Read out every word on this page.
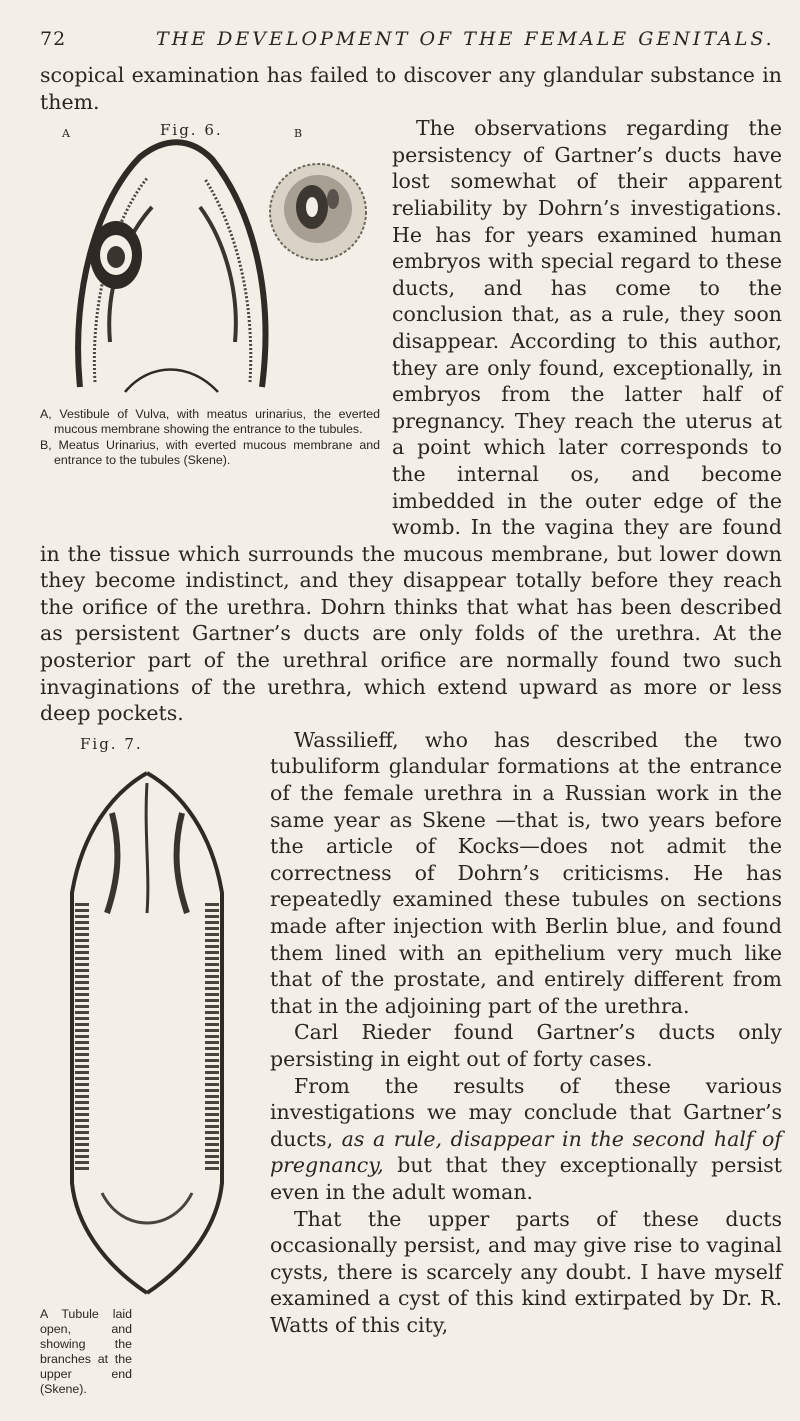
72	THE DEVELOPMENT OF THE FEMALE GENITALS.

scopical examination has failed to discover any glandular substance in them.

Fig. 6.
A	B
A, Vestibule of Vulva, with meatus urinarius, the everted mucous membrane showing the entrance to the tubules.
B, Meatus Urinarius, with everted mucous membrane and entrance to the tubules (Skene).

The observations regarding the persistency of Gartner’s ducts have lost somewhat of their apparent reliability by Dohrn’s investigations. He has for years examined human embryos with special regard to these ducts, and has come to the conclusion that, as a rule, they soon disappear. According to this author, they are only found, exceptionally, in embryos from the latter half of pregnancy. They reach the uterus at a point which later corresponds to the internal os, and become imbedded in the outer edge of the womb. In the vagina they are found in the tissue which surrounds the mucous membrane, but lower down they become indistinct, and they disappear totally before they reach the orifice of the urethra. Dohrn thinks that what has been described as persistent Gartner’s ducts are only folds of the urethra. At the posterior part of the urethral orifice are normally found two such invaginations of the urethra, which extend upward as more or less deep pockets.

Fig. 7.
A Tubule laid open, and showing the branches at the upper end (Skene).

Wassilieff, who has described the two tubuliform glandular formations at the entrance of the female urethra in a Russian work in the same year as Skene —that is, two years before the article of Kocks—does not admit the correctness of Dohrn’s criticisms. He has repeatedly examined these tubules on sections made after injection with Berlin blue, and found them lined with an epithelium very much like that of the prostate, and entirely different from that in the adjoining part of the urethra.

Carl Rieder found Gartner’s ducts only persisting in eight out of forty cases.

From the results of these various investigations we may conclude that Gartner’s ducts, as a rule, disappear in the second half of pregnancy, but that they exceptionally persist even in the adult woman.

That the upper parts of these ducts occasionally persist, and may give rise to vaginal cysts, there is scarcely any doubt. I have myself examined a cyst of this kind extirpated by Dr. R. Watts of this city,
